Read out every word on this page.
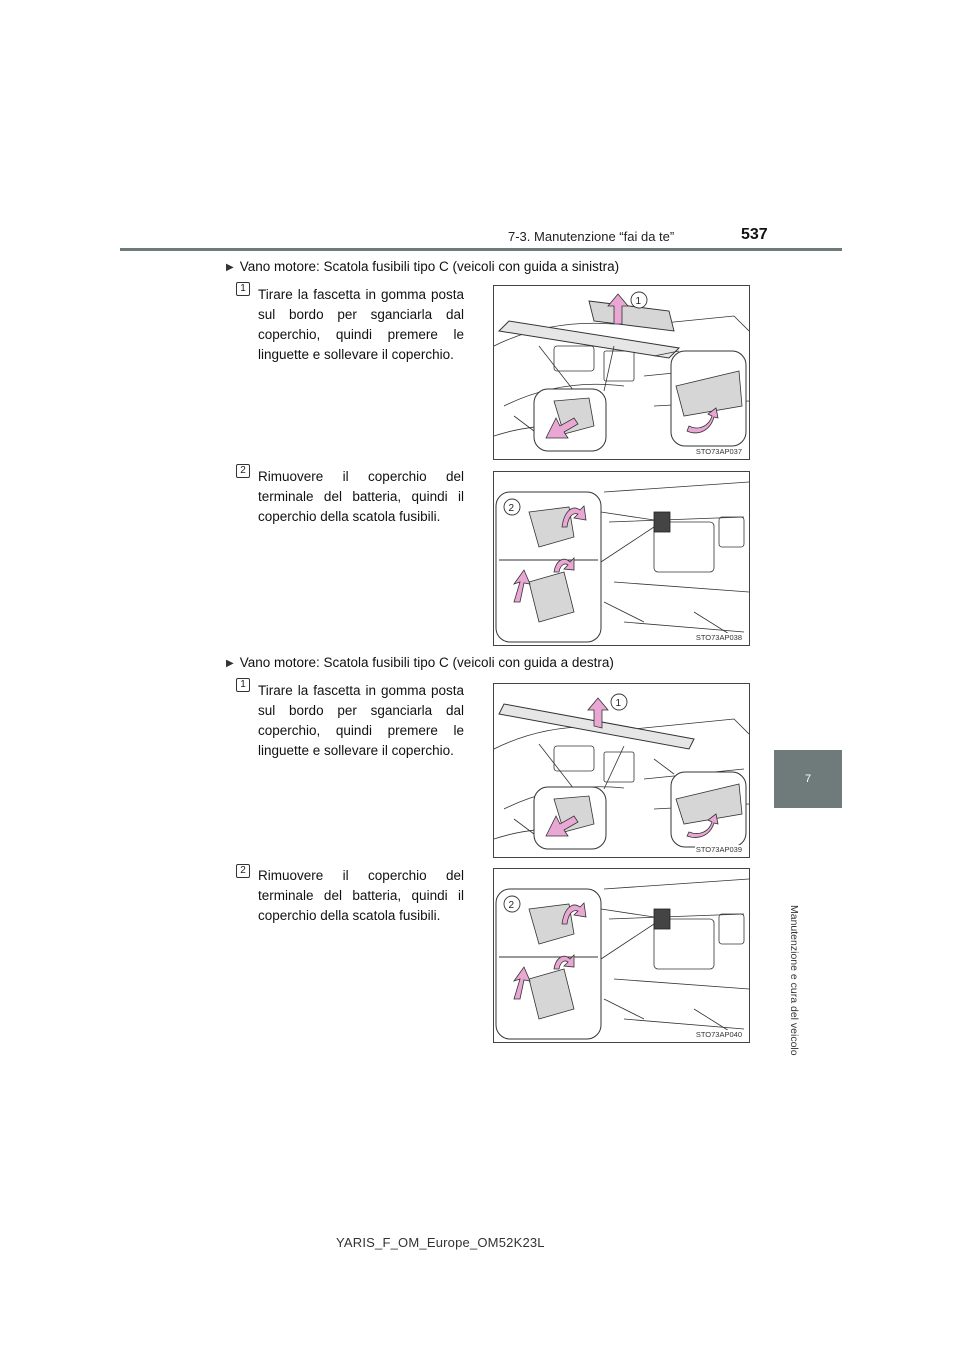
7-3. Manutenzione “fai da te”	537
7
Manutenzione e cura del veicolo
▶ Vano motore: Scatola fusibili tipo C (veicoli con guida a sinistra)
1 Tirare la fascetta in gomma posta sul bordo per sganciarla dal coperchio, quindi premere le linguette e sollevare il coperchio.
1
STO73AP037
2 Rimuovere il coperchio del terminale del batteria, quindi il coperchio della scatola fusibili.
2
STO73AP038
▶ Vano motore: Scatola fusibili tipo C (veicoli con guida a destra)
1 Tirare la fascetta in gomma posta sul bordo per sganciarla dal coperchio, quindi premere le linguette e sollevare il coperchio.
1
STO73AP039
2 Rimuovere il coperchio del terminale del batteria, quindi il coperchio della scatola fusibili.
2
STO73AP040
YARIS_F_OM_Europe_OM52K23L
